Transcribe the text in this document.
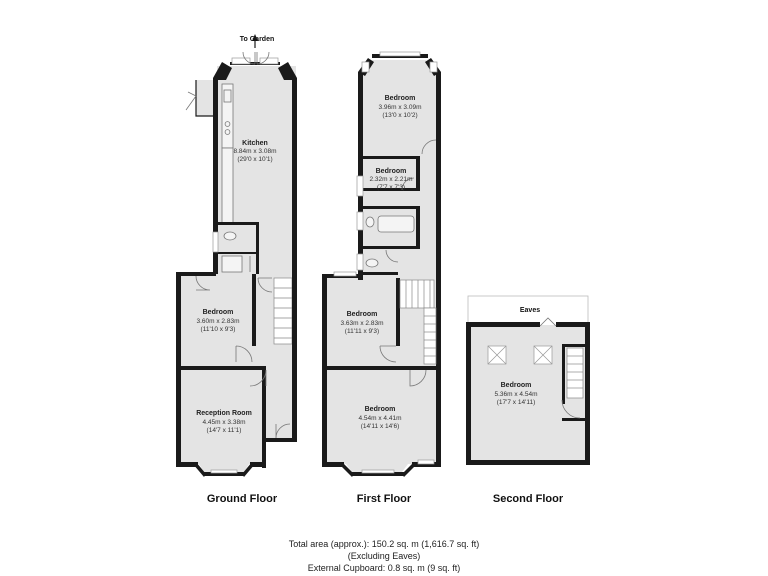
To Garden
Kitchen
8.84m x 3.08m
(29'0 x 10'1)
Bedroom
3.60m x 2.83m
(11'10 x 9'3)
Reception Room
4.45m x 3.38m
(14'7 x 11'1)
Bedroom
3.96m x 3.09m
(13'0 x 10'2)
Bedroom
2.32m x 2.21m
(7'7 x 7'3)
Bedroom
3.63m x 2.83m
(11'11 x 9'3)
Bedroom
4.54m x 4.41m
(14'11 x 14'6)
Eaves
Bedroom
5.36m x 4.54m
(17'7 x 14'11)
Ground Floor	First Floor	Second Floor
Total area (approx.): 150.2 sq. m (1,616.7 sq. ft)
(Excluding Eaves)
External Cupboard: 0.8 sq. m (9 sq. ft)
